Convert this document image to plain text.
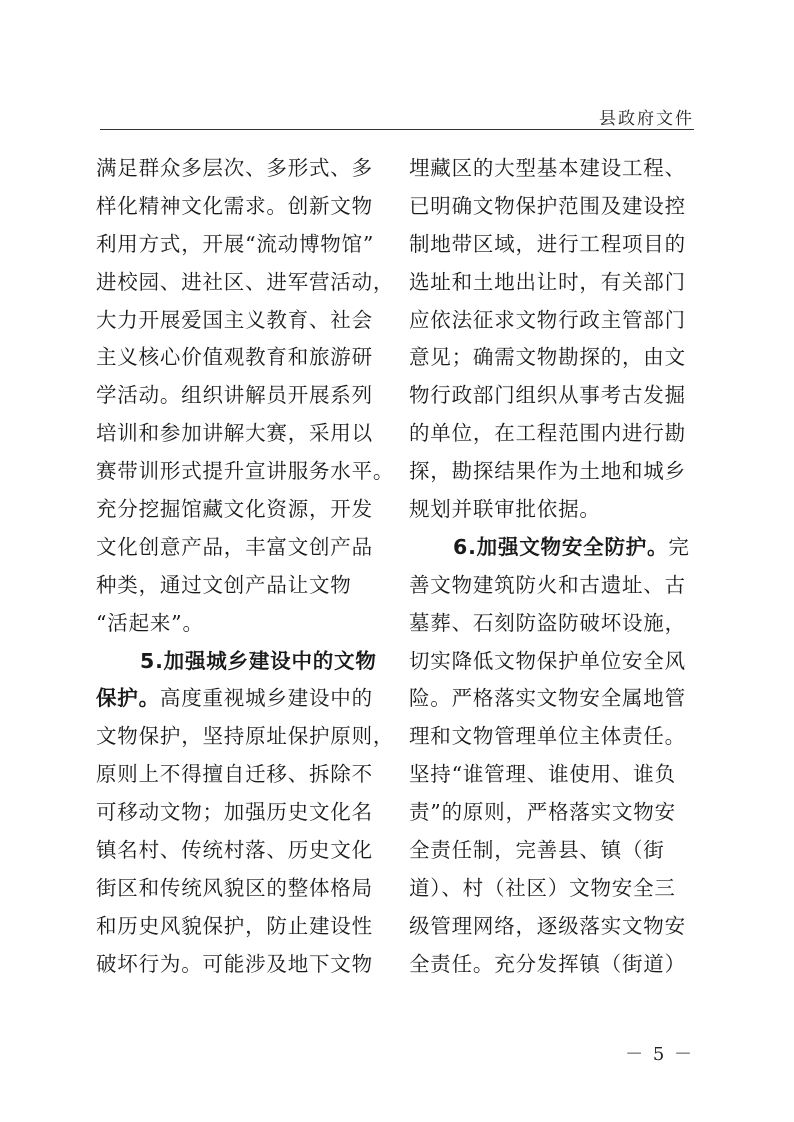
县政府文件
满足群众多层次、多形式、多
样化精神文化需求。创新文物
利用方式，开展“流动博物馆”
进校园、进社区、进军营活动，
大力开展爱国主义教育、社会
主义核心价值观教育和旅游研
学活动。组织讲解员开展系列
培训和参加讲解大赛，采用以
赛带训形式提升宣讲服务水平。
充分挖掘馆藏文化资源，开发
文化创意产品，丰富文创产品
种类，通过文创产品让文物
“活起来”。
5.加强城乡建设中的文物
保护。高度重视城乡建设中的
文物保护，坚持原址保护原则，
原则上不得擅自迁移、拆除不
可移动文物；加强历史文化名
镇名村、传统村落、历史文化
街区和传统风貌区的整体格局
和历史风貌保护，防止建设性
破坏行为。可能涉及地下文物
埋藏区的大型基本建设工程、
已明确文物保护范围及建设控
制地带区域，进行工程项目的
选址和土地出让时，有关部门
应依法征求文物行政主管部门
意见；确需文物勘探的，由文
物行政部门组织从事考古发掘
的单位，在工程范围内进行勘
探，勘探结果作为土地和城乡
规划并联审批依据。
6.加强文物安全防护。完
善文物建筑防火和古遗址、古
墓葬、石刻防盗防破坏设施，
切实降低文物保护单位安全风
险。严格落实文物安全属地管
理和文物管理单位主体责任。
坚持“谁管理、谁使用、谁负
责”的原则，严格落实文物安
全责任制，完善县、镇（街
道）、村（社区）文物安全三
级管理网络，逐级落实文物安
全责任。充分发挥镇（街道）
－ 5 －
